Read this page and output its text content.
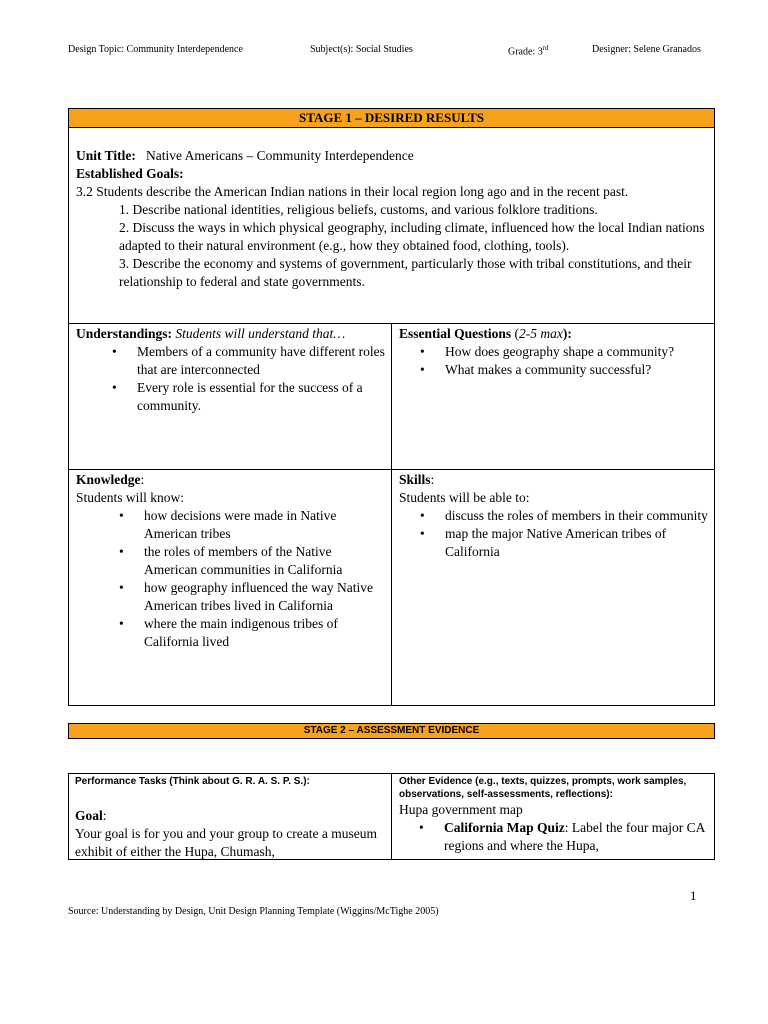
Design Topic: Community Interdependence	Subject(s): Social Studies	Grade: 3rd	Designer: Selene Granados
STAGE 1 – DESIRED RESULTS
Unit Title: Native Americans – Community Interdependence
Established Goals:
3.2 Students describe the American Indian nations in their local region long ago and in the recent past.
1. Describe national identities, religious beliefs, customs, and various folklore traditions.
2. Discuss the ways in which physical geography, including climate, influenced how the local Indian nations adapted to their natural environment (e.g., how they obtained food, clothing, tools).
3. Describe the economy and systems of government, particularly those with tribal constitutions, and their relationship to federal and state governments.
Understandings: Students will understand that…
• Members of a community have different roles that are interconnected
• Every role is essential for the success of a community.
Essential Questions (2-5 max):
• How does geography shape a community?
• What makes a community successful?
Knowledge:
Students will know:
• how decisions were made in Native American tribes
• the roles of members of the Native American communities in California
• how geography influenced the way Native American tribes lived in California
• where the main indigenous tribes of California lived
Skills:
Students will be able to:
• discuss the roles of members in their community
• map the major Native American tribes of California
STAGE 2 – ASSESSMENT EVIDENCE
Performance Tasks (Think about G. R. A. S. P. S.):
Goal:
Your goal is for you and your group to create a museum exhibit of either the Hupa, Chumash,
Other Evidence (e.g., texts, quizzes, prompts, work samples, observations, self-assessments, reflections):
Hupa government map
• California Map Quiz: Label the four major CA regions and where the Hupa,
1
Source: Understanding by Design, Unit Design Planning Template (Wiggins/McTighe 2005)
